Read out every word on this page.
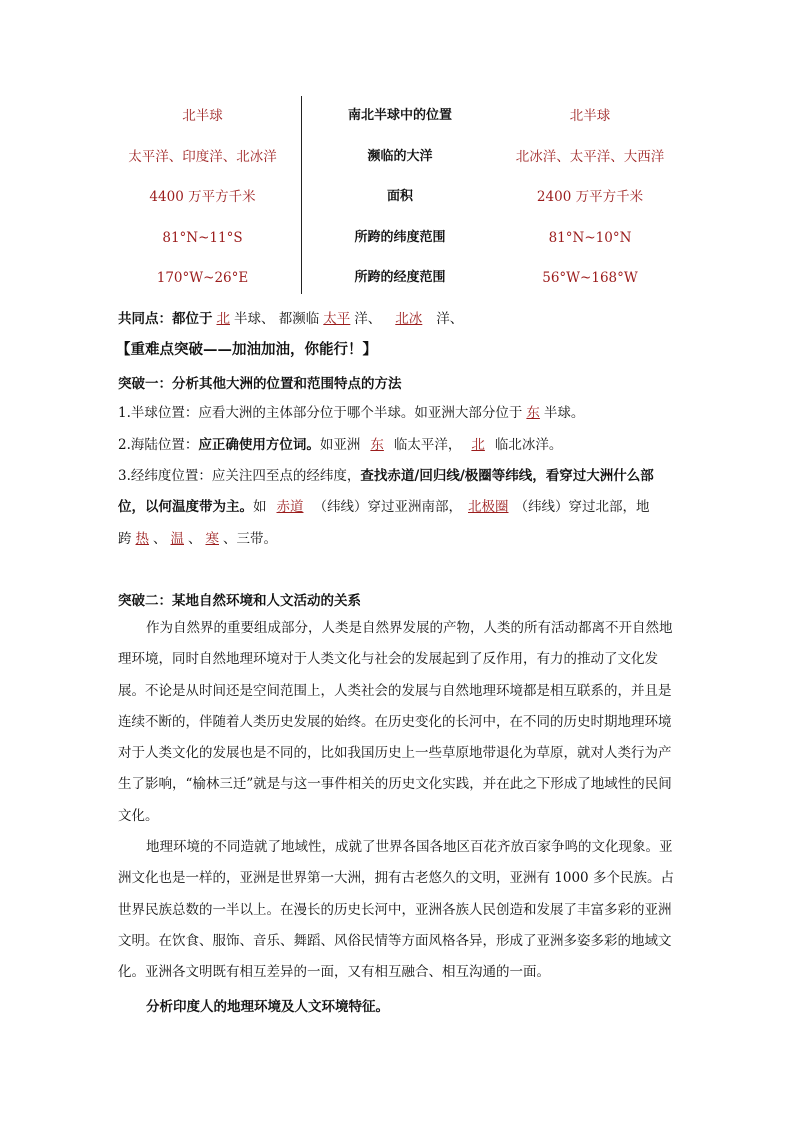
北半球
太平洋、印度洋、北冰洋
4400 万平方千米
81°N~11°S
170°W~26°E
南北半球中的位置
濒临的大洋
面积
所跨的纬度范围
所跨的经度范围
北半球
北冰洋、太平洋、大西洋
2400 万平方千米
81°N~10°N
56°W~168°W
共同点：都位于 北 半球、 都濒临 太平 洋、 北冰 洋、
【重难点突破——加油加油，你能行！】
突破一：分析其他大洲的位置和范围特点的方法
1.半球位置：应看大洲的主体部分位于哪个半球。如亚洲大部分位于 东 半球。
2.海陆位置：应正确使用方位词。如亚洲 东 临太平洋， 北 临北冰洋。
3.经纬度位置：应关注四至点的经纬度，查找赤道/回归线/极圈等纬线，看穿过大洲什么部
位，以何温度带为主。如 赤道 （纬线）穿过亚洲南部， 北极圈 （纬线）穿过北部，地
跨 热 、 温 、 寒 、三带。
突破二：某地自然环境和人文活动的关系
作为自然界的重要组成部分，人类是自然界发展的产物，人类的所有活动都离不开自然地理环境，同时自然地理环境对于人类文化与社会的发展起到了反作用，有力的推动了文化发展。不论是从时间还是空间范围上，人类社会的发展与自然地理环境都是相互联系的，并且是连续不断的，伴随着人类历史发展的始终。在历史变化的长河中，在不同的历史时期地理环境对于人类文化的发展也是不同的，比如我国历史上一些草原地带退化为草原，就对人类行为产生了影响，“榆林三迁”就是与这一事件相关的历史文化实践，并在此之下形成了地域性的民间文化。
地理环境的不同造就了地域性，成就了世界各国各地区百花齐放百家争鸣的文化现象。亚洲文化也是一样的，亚洲是世界第一大洲，拥有古老悠久的文明，亚洲有 1000 多个民族。占世界民族总数的一半以上。在漫长的历史长河中，亚洲各族人民创造和发展了丰富多彩的亚洲文明。在饮食、服饰、音乐、舞蹈、风俗民情等方面风格各异，形成了亚洲多姿多彩的地域文化。亚洲各文明既有相互差异的一面，又有相互融合、相互沟通的一面。
分析印度人的地理环境及人文环境特征。
